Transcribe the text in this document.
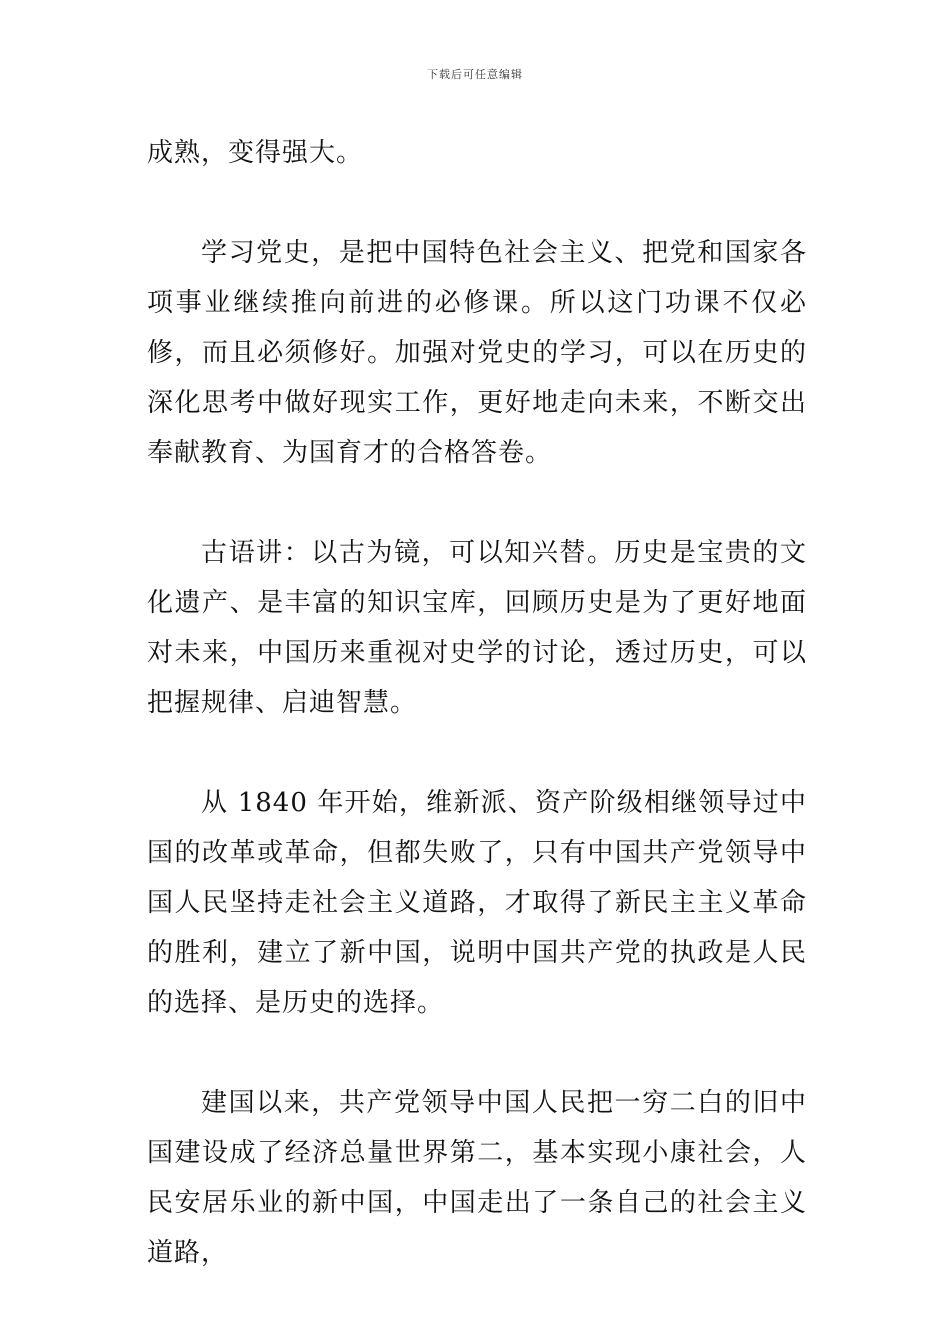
下载后可任意编辑

成熟，变得强大。

学习党史，是把中国特色社会主义、把党和国家各项事业继续推向前进的必修课。所以这门功课不仅必修，而且必须修好。加强对党史的学习，可以在历史的深化思考中做好现实工作，更好地走向未来，不断交出奉献教育、为国育才的合格答卷。

古语讲：以古为镜，可以知兴替。历史是宝贵的文化遗产、是丰富的知识宝库，回顾历史是为了更好地面对未来，中国历来重视对史学的讨论，透过历史，可以把握规律、启迪智慧。

从 1840 年开始，维新派、资产阶级相继领导过中国的改革或革命，但都失败了，只有中国共产党领导中国人民坚持走社会主义道路，才取得了新民主主义革命的胜利，建立了新中国，说明中国共产党的执政是人民的选择、是历史的选择。

建国以来，共产党领导中国人民把一穷二白的旧中国建设成了经济总量世界第二，基本实现小康社会，人民安居乐业的新中国，中国走出了一条自己的社会主义道路，
